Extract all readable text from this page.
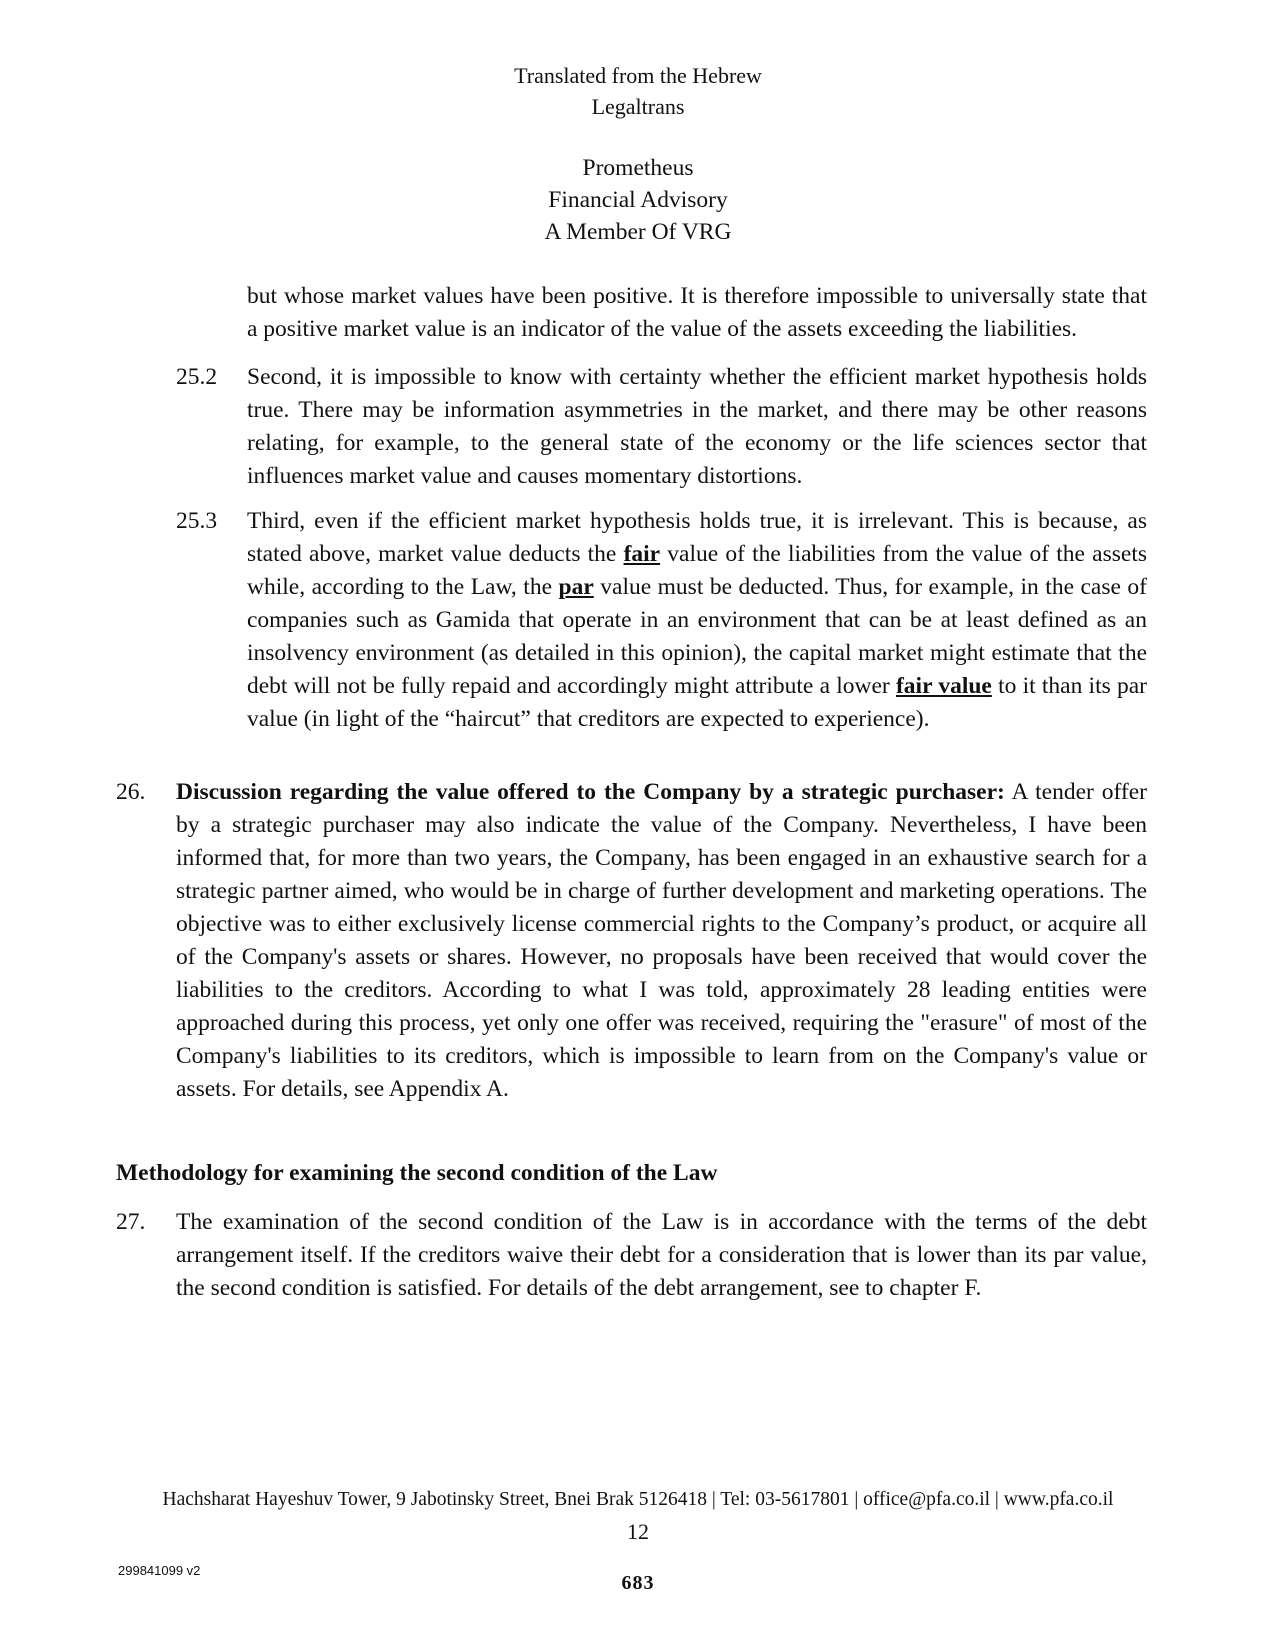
Translated from the Hebrew
Legaltrans
Prometheus
Financial Advisory
A Member Of VRG
but whose market values have been positive. It is therefore impossible to universally state that a positive market value is an indicator of the value of the assets exceeding the liabilities.
25.2 Second, it is impossible to know with certainty whether the efficient market hypothesis holds true. There may be information asymmetries in the market, and there may be other reasons relating, for example, to the general state of the economy or the life sciences sector that influences market value and causes momentary distortions.
25.3 Third, even if the efficient market hypothesis holds true, it is irrelevant. This is because, as stated above, market value deducts the fair value of the liabilities from the value of the assets while, according to the Law, the par value must be deducted. Thus, for example, in the case of companies such as Gamida that operate in an environment that can be at least defined as an insolvency environment (as detailed in this opinion), the capital market might estimate that the debt will not be fully repaid and accordingly might attribute a lower fair value to it than its par value (in light of the “haircut” that creditors are expected to experience).
26. Discussion regarding the value offered to the Company by a strategic purchaser: A tender offer by a strategic purchaser may also indicate the value of the Company. Nevertheless, I have been informed that, for more than two years, the Company, has been engaged in an exhaustive search for a strategic partner aimed, who would be in charge of further development and marketing operations. The objective was to either exclusively license commercial rights to the Company’s product, or acquire all of the Company's assets or shares. However, no proposals have been received that would cover the liabilities to the creditors. According to what I was told, approximately 28 leading entities were approached during this process, yet only one offer was received, requiring the "erasure" of most of the Company's liabilities to its creditors, which is impossible to learn from on the Company's value or assets. For details, see Appendix A.
Methodology for examining the second condition of the Law
27. The examination of the second condition of the Law is in accordance with the terms of the debt arrangement itself. If the creditors waive their debt for a consideration that is lower than its par value, the second condition is satisfied. For details of the debt arrangement, see to chapter F.
Hachsharat Hayeshuv Tower, 9 Jabotinsky Street, Bnei Brak 5126418 | Tel: 03-5617801 | office@pfa.co.il | www.pfa.co.il
12
299841099 v2
683
